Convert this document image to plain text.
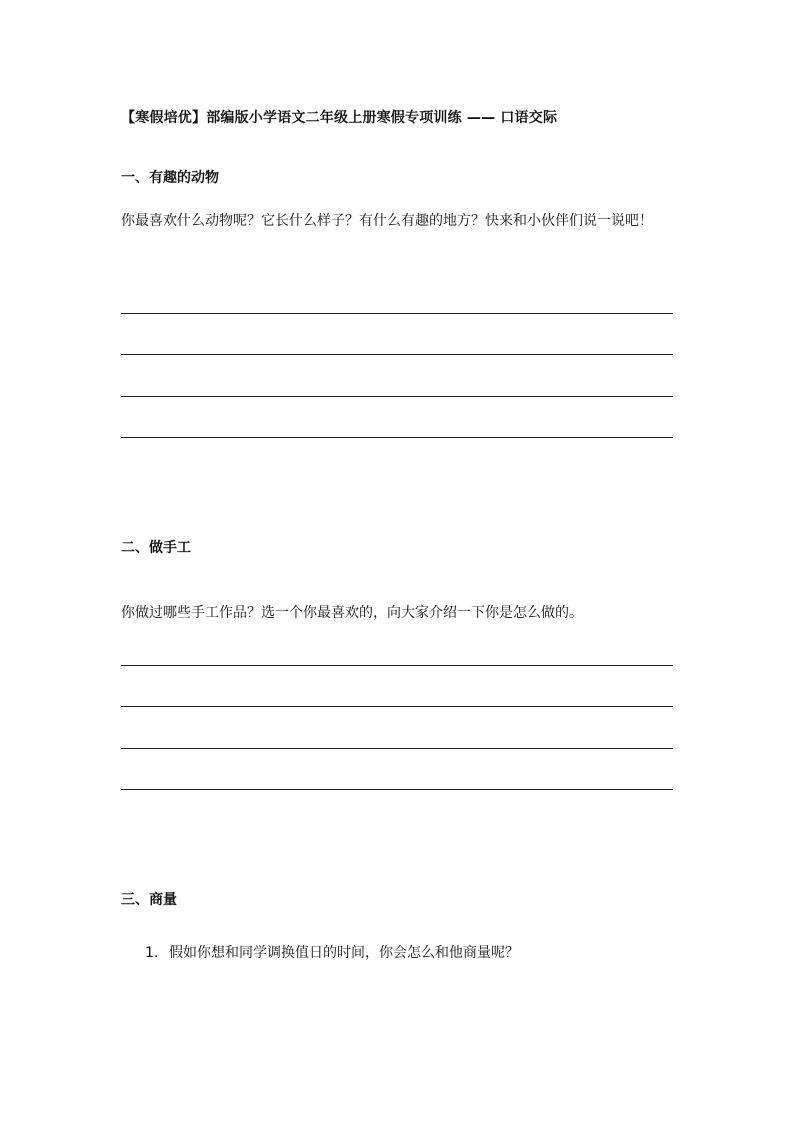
【寒假培优】部编版小学语文二年级上册寒假专项训练 —— 口语交际
一、有趣的动物
你最喜欢什么动物呢？它长什么样子？有什么有趣的地方？快来和小伙伴们说一说吧！
二、做手工
你做过哪些手工作品？选一个你最喜欢的，向大家介绍一下你是怎么做的。
三、商量
1. 假如你想和同学调换值日的时间，你会怎么和他商量呢？
